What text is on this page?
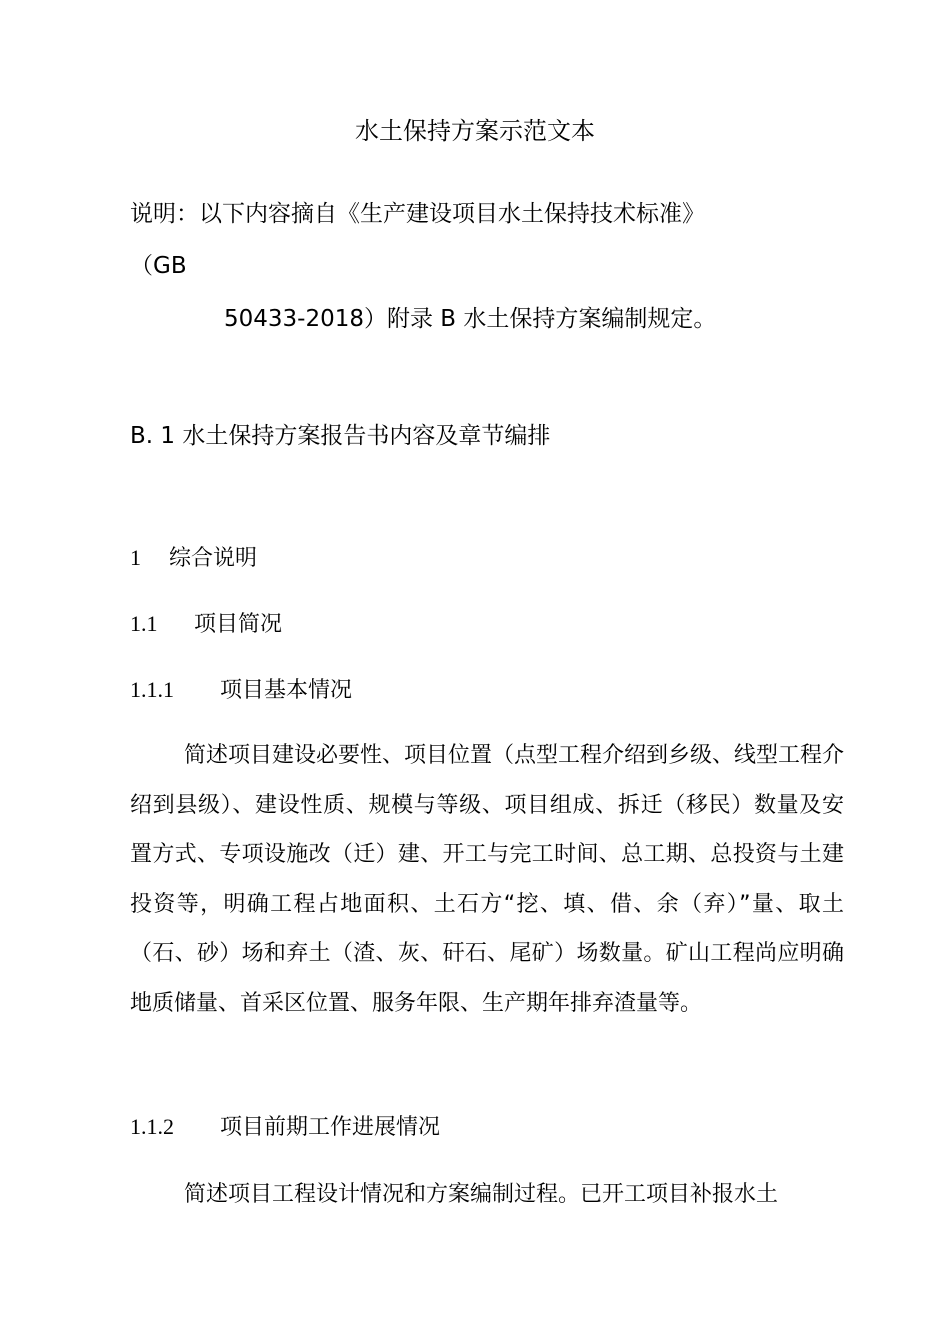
水土保持方案示范文本
说明：以下内容摘自《生产建设项目水土保持技术标准》
（GB
50433-2018）附录 B 水土保持方案编制规定。
B. 1 水土保持方案报告书内容及章节编排
1 综合说明
1.1 项目简况
1.1.1 项目基本情况
简述项目建设必要性、项目位置（点型工程介绍到乡级、线型工程介绍到县级）、建设性质、规模与等级、项目组成、拆迁（移民）数量及安置方式、专项设施改（迁）建、开工与完工时间、总工期、总投资与土建投资等，明确工程占地面积、土石方“挖、填、借、余（弃）”量、取土（石、砂）场和弃土（渣、灰、矸石、尾矿）场数量。矿山工程尚应明确地质储量、首采区位置、服务年限、生产期年排弃渣量等。
1.1.2 项目前期工作进展情况
简述项目工程设计情况和方案编制过程。已开工项目补报水土
